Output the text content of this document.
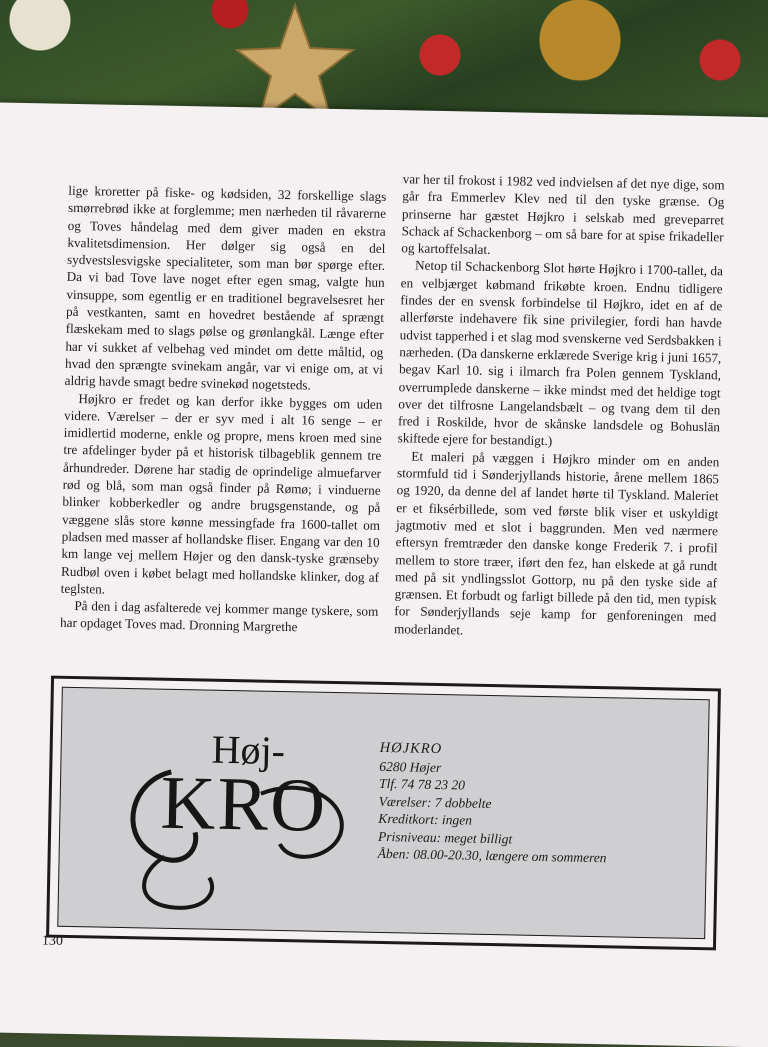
lige kroretter på fiske- og kødsiden, 32 forskellige slags smørrebrød ikke at forglemme; men nærheden til råvarerne og Toves håndelag med dem giver maden en ekstra kvalitetsdimension. Her dølger sig også en del sydvestslesvigske specialiteter, som man bør spørge efter. Da vi bad Tove lave noget efter egen smag, valgte hun vinsuppe, som egentlig er en traditionel begravelsesret her på vestkanten, samt en hovedret bestående af sprængt flæskekam med to slags pølse og grønlangkål. Længe efter har vi sukket af velbehag ved mindet om dette måltid, og hvad den sprængte svinekam angår, var vi enige om, at vi aldrig havde smagt bedre svinekød nogetsteds.

Højkro er fredet og kan derfor ikke bygges om uden videre. Værelser – der er syv med i alt 16 senge – er imidlertid moderne, enkle og propre, mens kroen med sine tre afdelinger byder på et historisk tilbageblik gennem tre århundreder. Dørene har stadig de oprindelige almuefarver rød og blå, som man også finder på Rømø; i vinduerne blinker kobberkedler og andre brugsgenstande, og på væggene slås store kønne messingfade fra 1600-tallet om pladsen med masser af hollandske fliser. Engang var den 10 km lange vej mellem Højer og den dansk-tyske grænseby Rudbøl oven i købet belagt med hollandske klinker, dog af teglsten.

På den i dag asfalterede vej kommer mange tyskere, som har opdaget Toves mad. Dronning Margrethe

var her til frokost i 1982 ved indvielsen af det nye dige, som går fra Emmerlev Klev ned til den tyske grænse. Og prinserne har gæstet Højkro i selskab med greveparret Schack af Schackenborg – om så bare for at spise frikadeller og kartoffelsalat.

Netop til Schackenborg Slot hørte Højkro i 1700-tallet, da en velbjærget købmand frikøbte kroen. Endnu tidligere findes der en svensk forbindelse til Højkro, idet en af de allerførste indehavere fik sine privilegier, fordi han havde udvist tapperhed i et slag mod svenskerne ved Serdsbakken i nærheden. (Da danskerne erklærede Sverige krig i juni 1657, begav Karl 10. sig i ilmarch fra Polen gennem Tyskland, overrumplede danskerne – ikke mindst med det heldige togt over det tilfrosne Langelandsbælt – og tvang dem til den fred i Roskilde, hvor de skånske landsdele og Bohuslän skiftede ejere for bestandigt.)

Et maleri på væggen i Højkro minder om en anden stormfuld tid i Sønderjyllands historie, årene mellem 1865 og 1920, da denne del af landet hørte til Tyskland. Maleriet er et fiksérbillede, som ved første blik viser et uskyldigt jagtmotiv med et slot i baggrunden. Men ved nærmere eftersyn fremtræder den danske konge Frederik 7. i profil mellem to store træer, iført den fez, han elskede at gå rundt med på sit yndlingsslot Gottorp, nu på den tyske side af grænsen. Et forbudt og farligt billede på den tid, men typisk for Sønderjyllands seje kamp for genforeningen med moderlandet.

Høj-
KRO
HØJKRO
6280 Højer
Tlf. 74 78 23 20
Værelser: 7 dobbelte
Kreditkort: ingen
Prisniveau: meget billigt
Åben: 08.00-20.30, længere om sommeren
130
